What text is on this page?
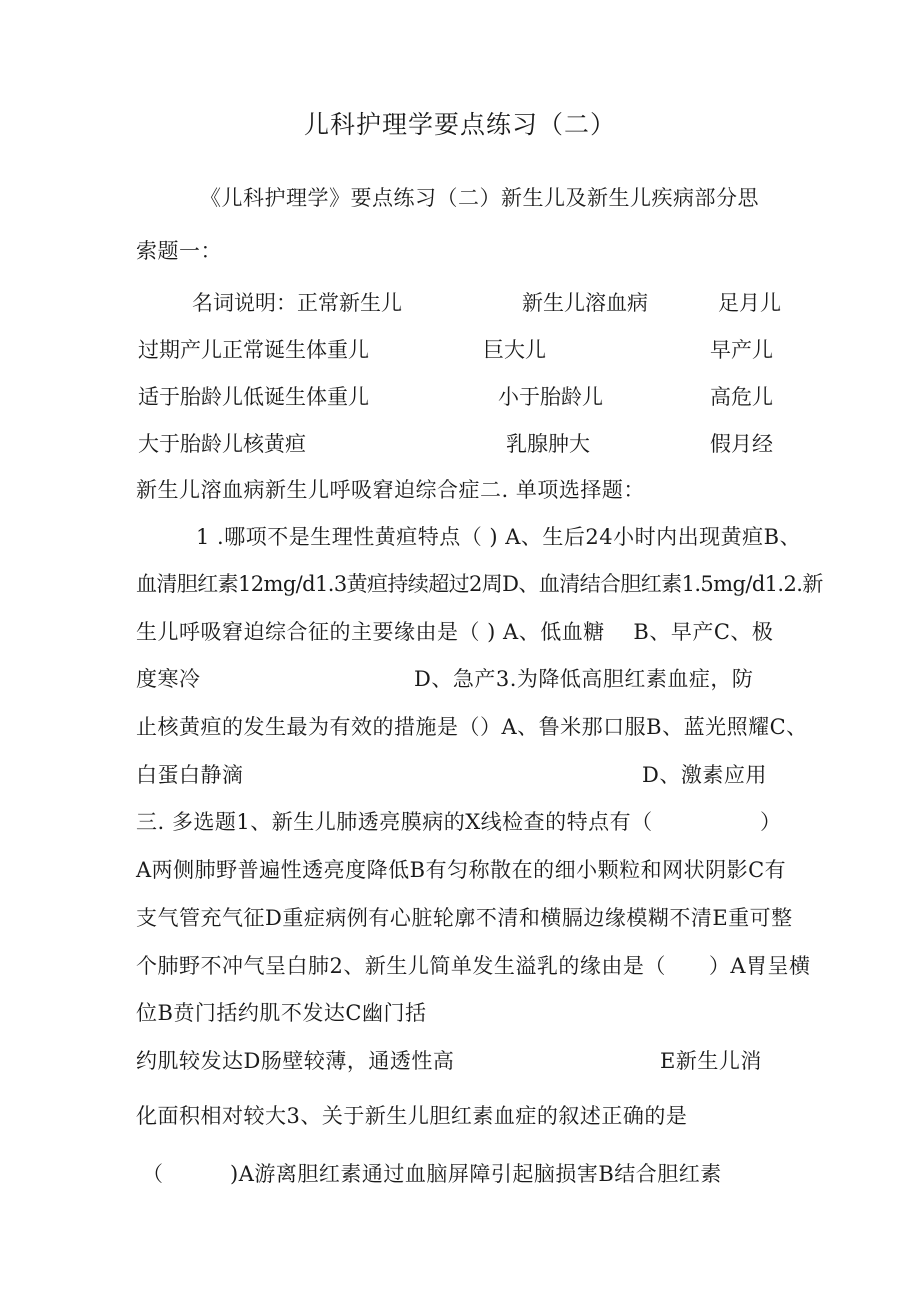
儿科护理学要点练习（二）
《儿科护理学》要点练习（二）新生儿及新生儿疾病部分思
索题一：
名词说明：正常新生儿	新生儿溶血病	足月儿
过期产儿正常诞生体重儿	巨大儿	早产儿
适于胎龄儿低诞生体重儿	小于胎龄儿	高危儿
大于胎龄儿核黄疸	乳腺肿大	假月经
新生儿溶血病新生儿呼吸窘迫综合症二. 单项选择题：
1 .哪项不是生理性黄疸特点（ ) A、生后24小时内出现黄疸B、
血清胆红素12mg/d1.3黄疸持续超过2周D、血清结合胆红素1.5mg/d1.2.新
生儿呼吸窘迫综合征的主要缘由是（ ) A、低血糖　 B、早产C、极
度寒冷	D、急产3.为降低高胆红素血症，防
止核黄疸的发生最为有效的措施是（）A、鲁米那口服B、蓝光照耀C、
白蛋白静滴	D、激素应用
三. 多选题1、新生儿肺透亮膜病的X线检查的特点有（	）
A两侧肺野普遍性透亮度降低B有匀称散在的细小颗粒和网状阴影C有
支气管充气征D重症病例有心脏轮廓不清和横膈边缘模糊不清E重可整
个肺野不冲气呈白肺2、新生儿简单发生溢乳的缘由是（　　）A胃呈横
位B贲门括约肌不发达C幽门括
约肌较发达D肠壁较薄，通透性高	E新生儿消
化面积相对较大3、关于新生儿胆红素血症的叙述正确的是
（	)A游离胆红素通过血脑屏障引起脑损害B结合胆红素
